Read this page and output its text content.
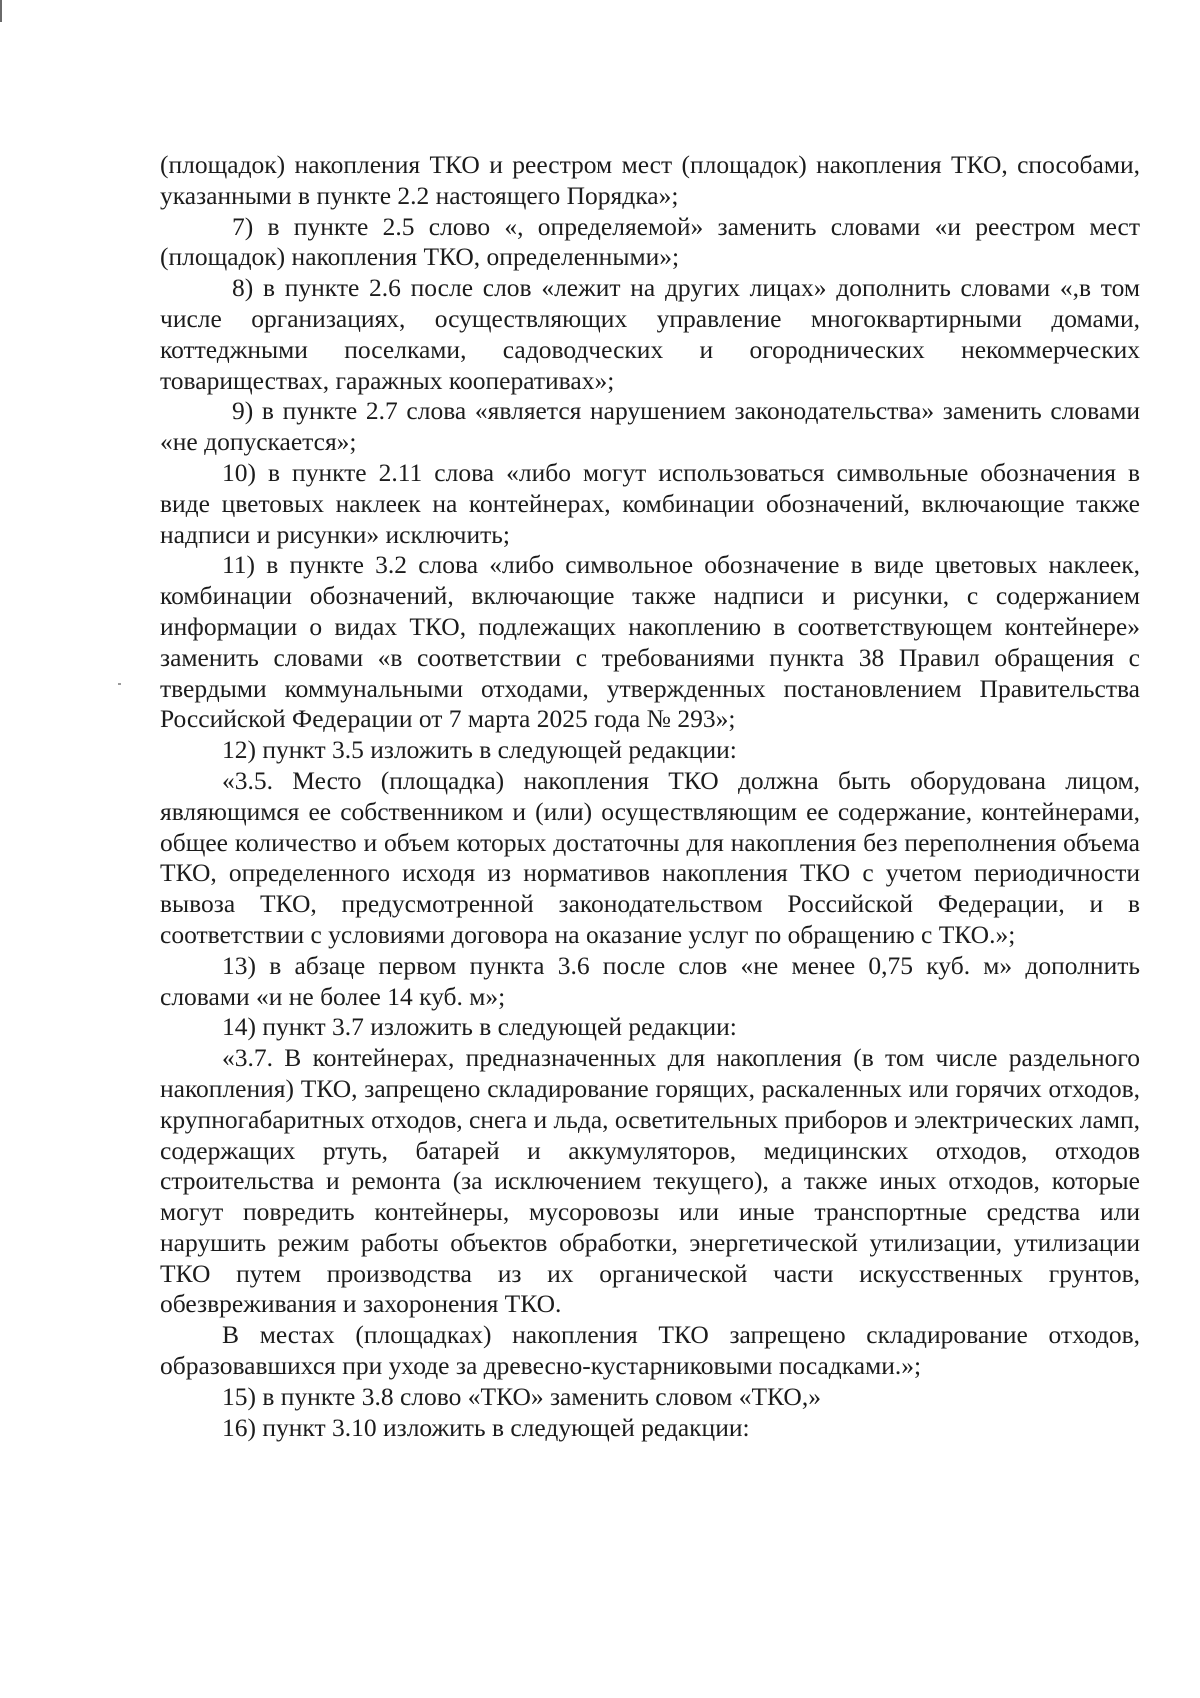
(площадок) накопления ТКО и реестром мест (площадок) накопления ТКО, способами, указанными в пункте 2.2 настоящего Порядка»;

7) в пункте 2.5 слово «, определяемой» заменить словами «и реестром мест (площадок) накопления ТКО, определенными»;

8) в пункте 2.6 после слов «лежит на других лицах» дополнить словами «,в том числе организациях, осуществляющих управление многоквартирными домами, коттеджными поселками, садоводческих и огороднических некоммерческих товариществах, гаражных кооперативах»;

9) в пункте 2.7 слова «является нарушением законодательства» заменить словами «не допускается»;

10) в пункте 2.11 слова «либо могут использоваться символьные обозначения в виде цветовых наклеек на контейнерах, комбинации обозначений, включающие также надписи и рисунки» исключить;

11) в пункте 3.2 слова «либо символьное обозначение в виде цветовых наклеек, комбинации обозначений, включающие также надписи и рисунки, с содержанием информации о видах ТКО, подлежащих накоплению в соответствующем контейнере» заменить словами «в соответствии с требованиями пункта 38 Правил обращения с твердыми коммунальными отходами, утвержденных постановлением Правительства Российской Федерации от 7 марта 2025 года № 293»;

12) пункт 3.5 изложить в следующей редакции:

«3.5. Место (площадка) накопления ТКО должна быть оборудована лицом, являющимся ее собственником и (или) осуществляющим ее содержание, контейнерами, общее количество и объем которых достаточны для накопления без переполнения объема ТКО, определенного исходя из нормативов накопления ТКО с учетом периодичности вывоза ТКО, предусмотренной законодательством Российской Федерации, и в соответствии с условиями договора на оказание услуг по обращению с ТКО.»;

13) в абзаце первом пункта 3.6 после слов «не менее 0,75 куб. м» дополнить словами «и не более 14 куб. м»;

14) пункт 3.7 изложить в следующей редакции:

«3.7. В контейнерах, предназначенных для накопления (в том числе раздельного накопления) ТКО, запрещено складирование горящих, раскаленных или горячих отходов, крупногабаритных отходов, снега и льда, осветительных приборов и электрических ламп, содержащих ртуть, батарей и аккумуляторов, медицинских отходов, отходов строительства и ремонта (за исключением текущего), а также иных отходов, которые могут повредить контейнеры, мусоровозы или иные транспортные средства или нарушить режим работы объектов обработки, энергетической утилизации, утилизации ТКО путем производства из их органической части искусственных грунтов, обезвреживания и захоронения ТКО.

В местах (площадках) накопления ТКО запрещено складирование отходов, образовавшихся при уходе за древесно-кустарниковыми посадками.»;

15) в пункте 3.8 слово «ТКО» заменить словом «ТКО,»

16) пункт 3.10 изложить в следующей редакции:
